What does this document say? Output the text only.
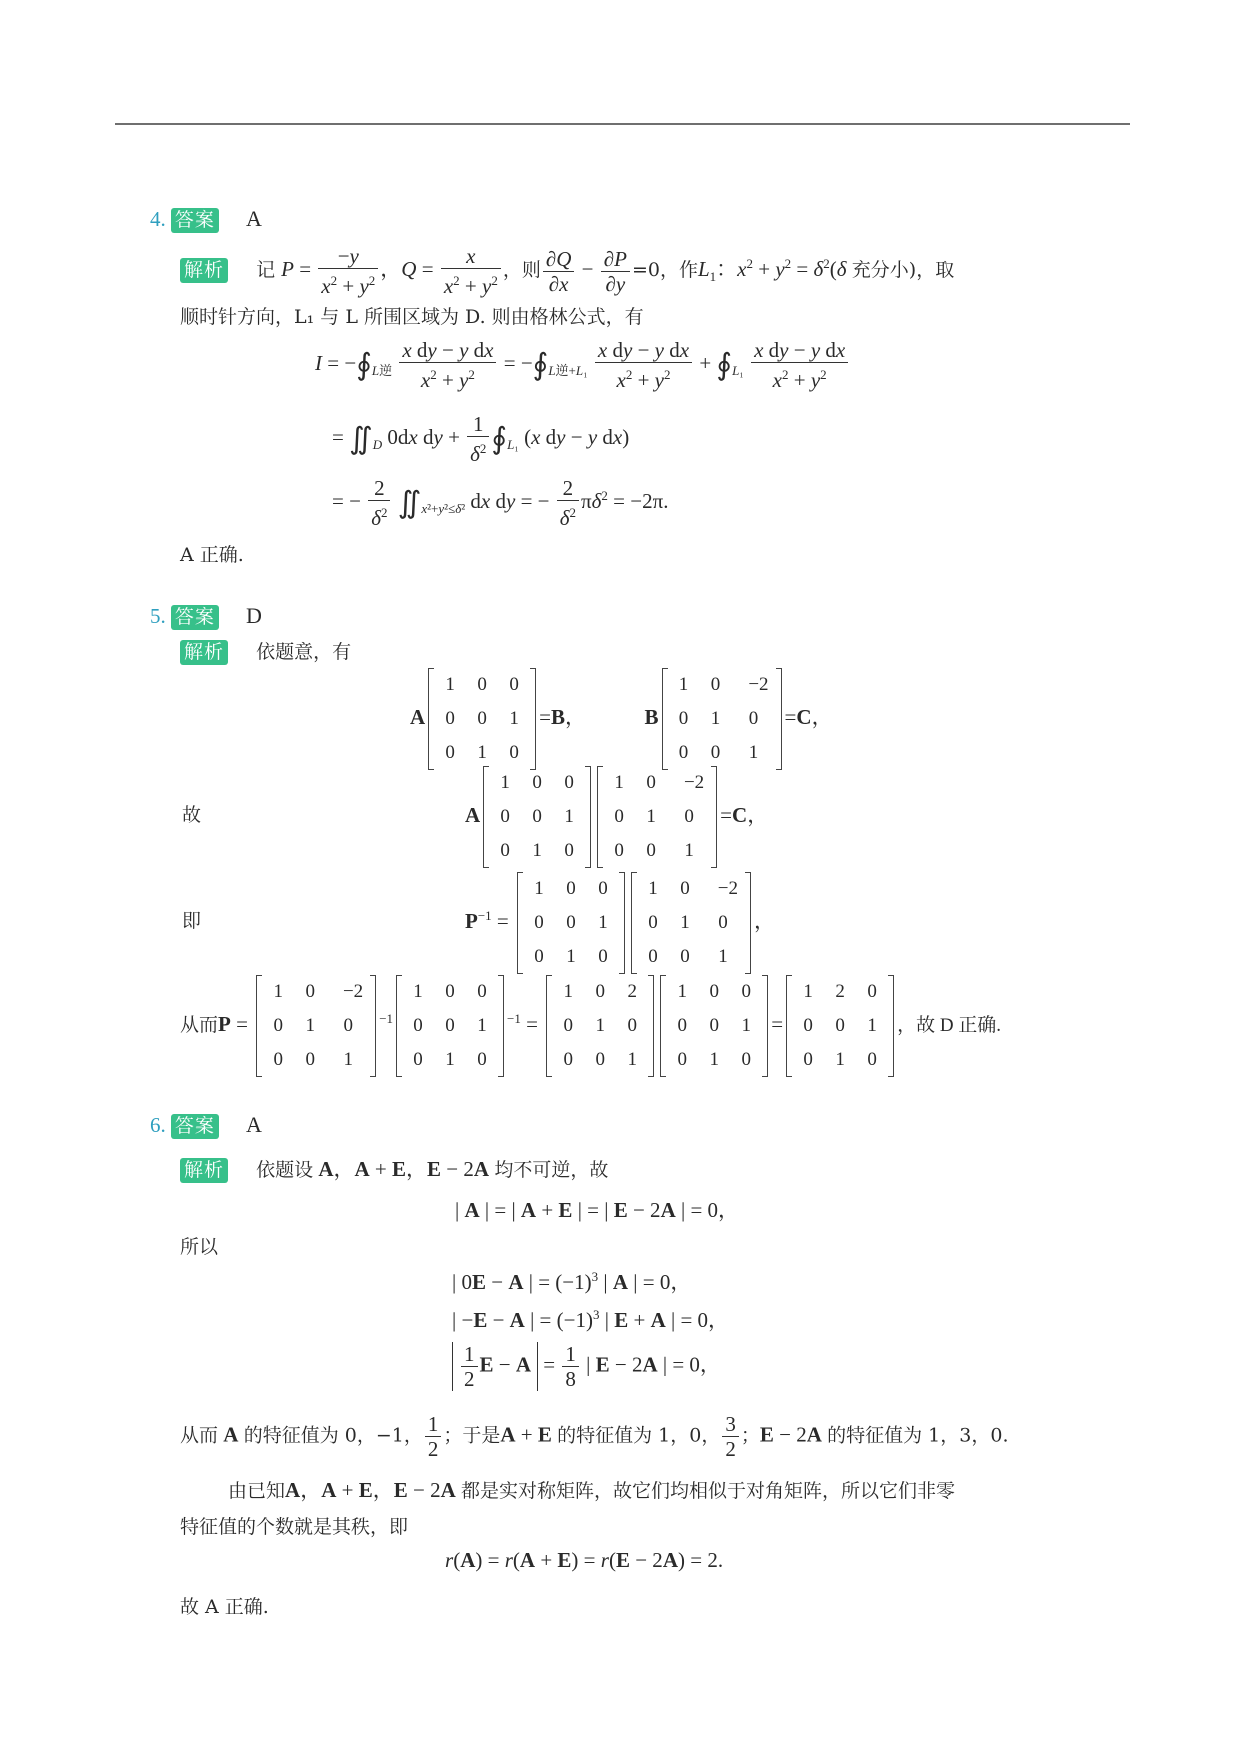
4. 答案 A
解析 记 $P = \frac{-y}{x^2 + y^2}$ ，$Q = \frac{x}{x^2 + y^2}$ ，则 $\frac{\partial Q}{\partial x} - \frac{\partial P}{\partial y} =0$，作$L_1$：$x^2 + y^2 = \delta^2(\delta$ 充分小)，取
顺时针方向，L₁ 与 L 所围区域为 D. 则由格林公式，有
$I = -∮_{L逆} \frac{\text{x dy − y dx}}{x^2 + y^2}$ = $-∮_{L逆+L_1} \frac{\text{x dy − y dx}}{x^2 + y^2}$ + $∮_{L_1} \frac{\text{x dy − y dx}}{x^2 + y^2}$
= $∬_D$ 0dx dy + $\frac{1}{\delta^2}$ $∮_{L_1}$ (x dy − y dx)
= − $\frac{2}{\delta^2}$ $∬_{x^2+y^2\le\delta^2}$ dx dy = − $\frac{2}{\delta^2} \pi\delta^2 = -2\pi$.
A 正确.
5. 答案 D
解析 依题意，有
A
1	0	0
0	0	1
0	1	0
=B，	B
1	0	−2
0	1	0
0	0	1
=C，
故	A
1	0	0
0	0	1
0	1	0
1	0	−2
0	1	0
0	0	1
=C，
即	$P^{-1}$ =
1	0	0
0	0	1
0	1	0
1	0	−2
0	1	0
0	0	1
，
从而P =
1	0	−2
0	1	0
0	0	1
$^{-1}$
1	0	0
0	0	1
0	1	0
$^{-1}$ =
1	0	2
0	1	0
0	0	1
1	0	0
0	0	1
0	1	0
=
1	2	0
0	0	1
0	1	0
，故 D 正确.
6. 答案 A
解析 依题设 A，A + E，E − 2A 均不可逆，故
| A | = | A + E | = | E − 2A | = 0，
所以
| 0E − A | = $(-1)^3$ | A | = 0，
| −E − A | = $(-1)^3$ | E + A | = 0，
$\frac{1}{2}$ $E - A = \frac{1}{8}$ | E − 2A | = 0，
从而 A 的特征值为 0，−1， $\frac{1}{2}$ ；于是A + E 的特征值为 1，0， $\frac{3}{2}$ ；E − 2A 的特征值为 1，3，0.
由已知A，A + E，E − 2A 都是实对称矩阵，故它们均相似于对角矩阵，所以它们非零
特征值的个数就是其秩，即
r(A) = r(A + E) = r(E − 2A) = 2.
故 A 正确.
